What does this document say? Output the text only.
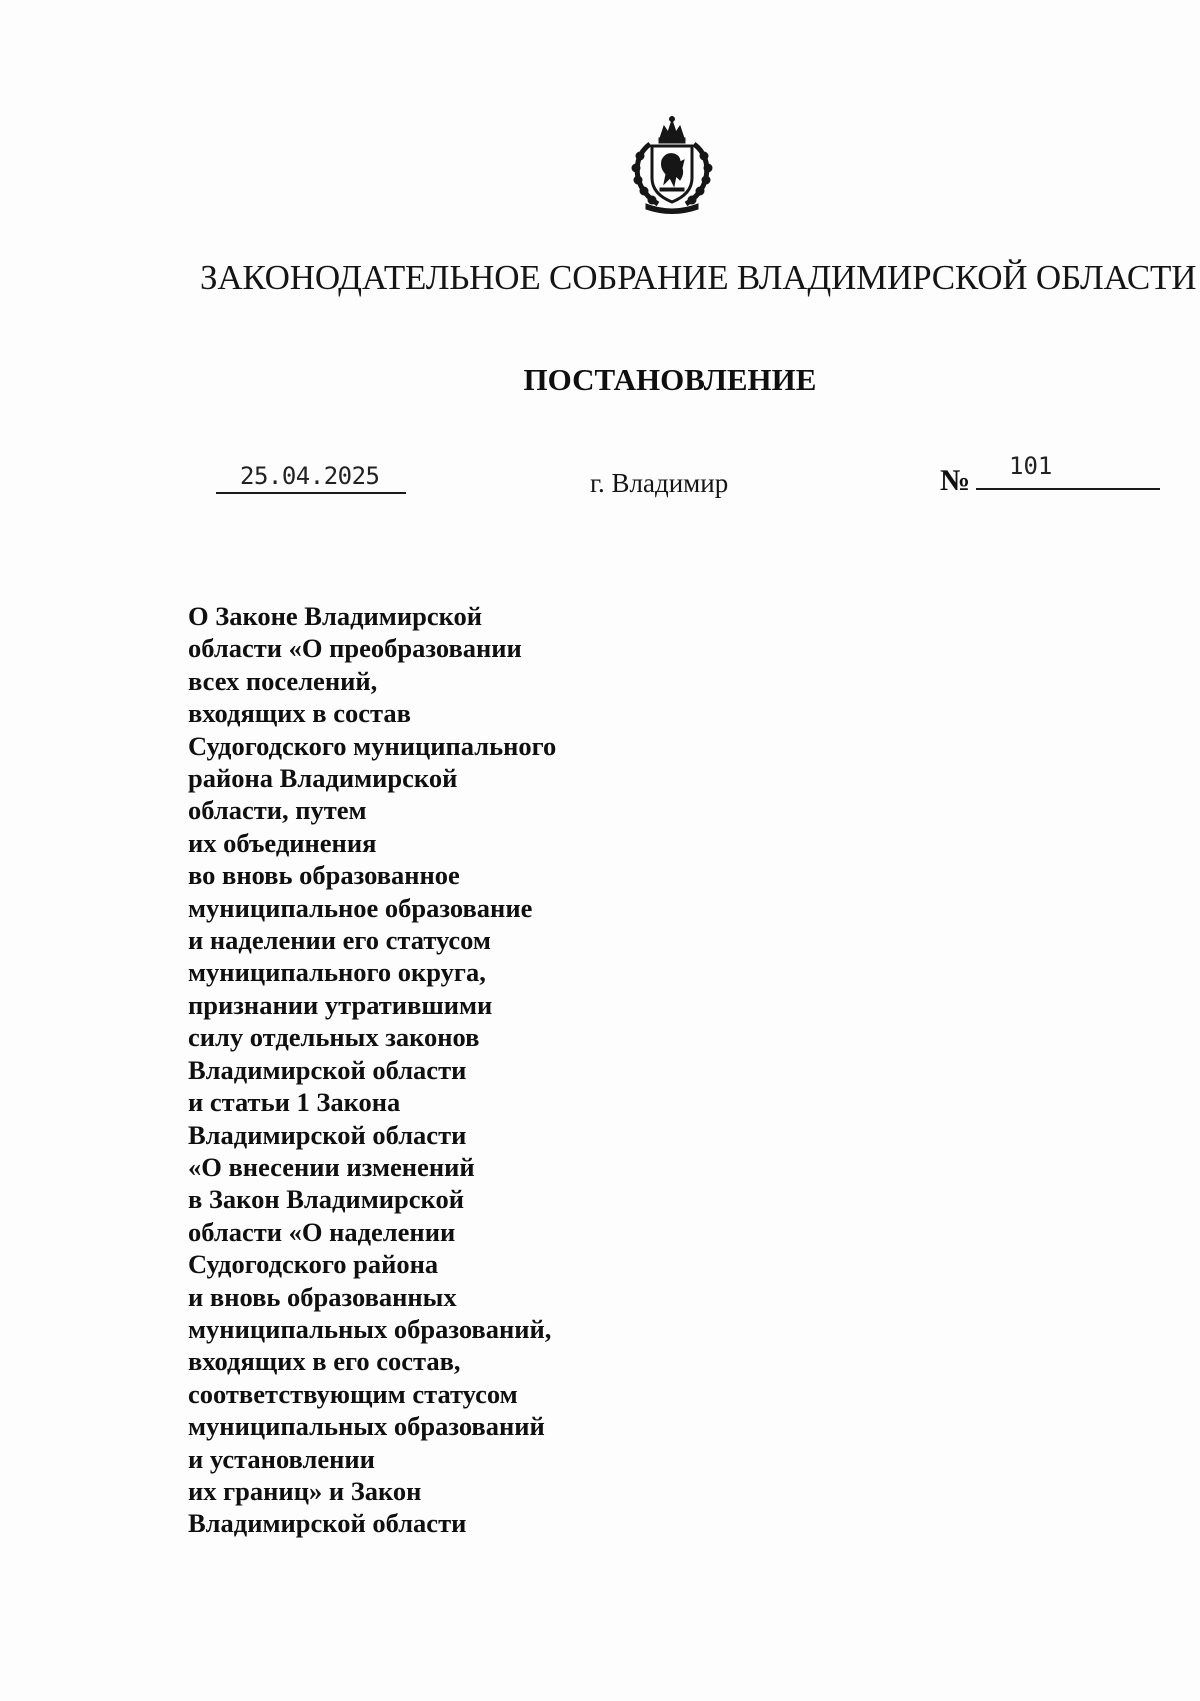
ЗАКОНОДАТЕЛЬНОЕ СОБРАНИЕ ВЛАДИМИРСКОЙ ОБЛАСТИ
ПОСТАНОВЛЕНИЕ
25.04.2025	г. Владимир	№ 101
О Законе Владимирской
области «О преобразовании
всех поселений,
входящих в состав
Судогодского муниципального
района Владимирской
области, путем
их объединения
во вновь образованное
муниципальное образование
и наделении его статусом
муниципального округа,
признании утратившими
силу отдельных законов
Владимирской области
и статьи 1 Закона
Владимирской области
«О внесении изменений
в Закон Владимирской
области «О наделении
Судогодского района
и вновь образованных
муниципальных образований,
входящих в его состав,
соответствующим статусом
муниципальных образований
и установлении
их границ» и Закон
Владимирской области
